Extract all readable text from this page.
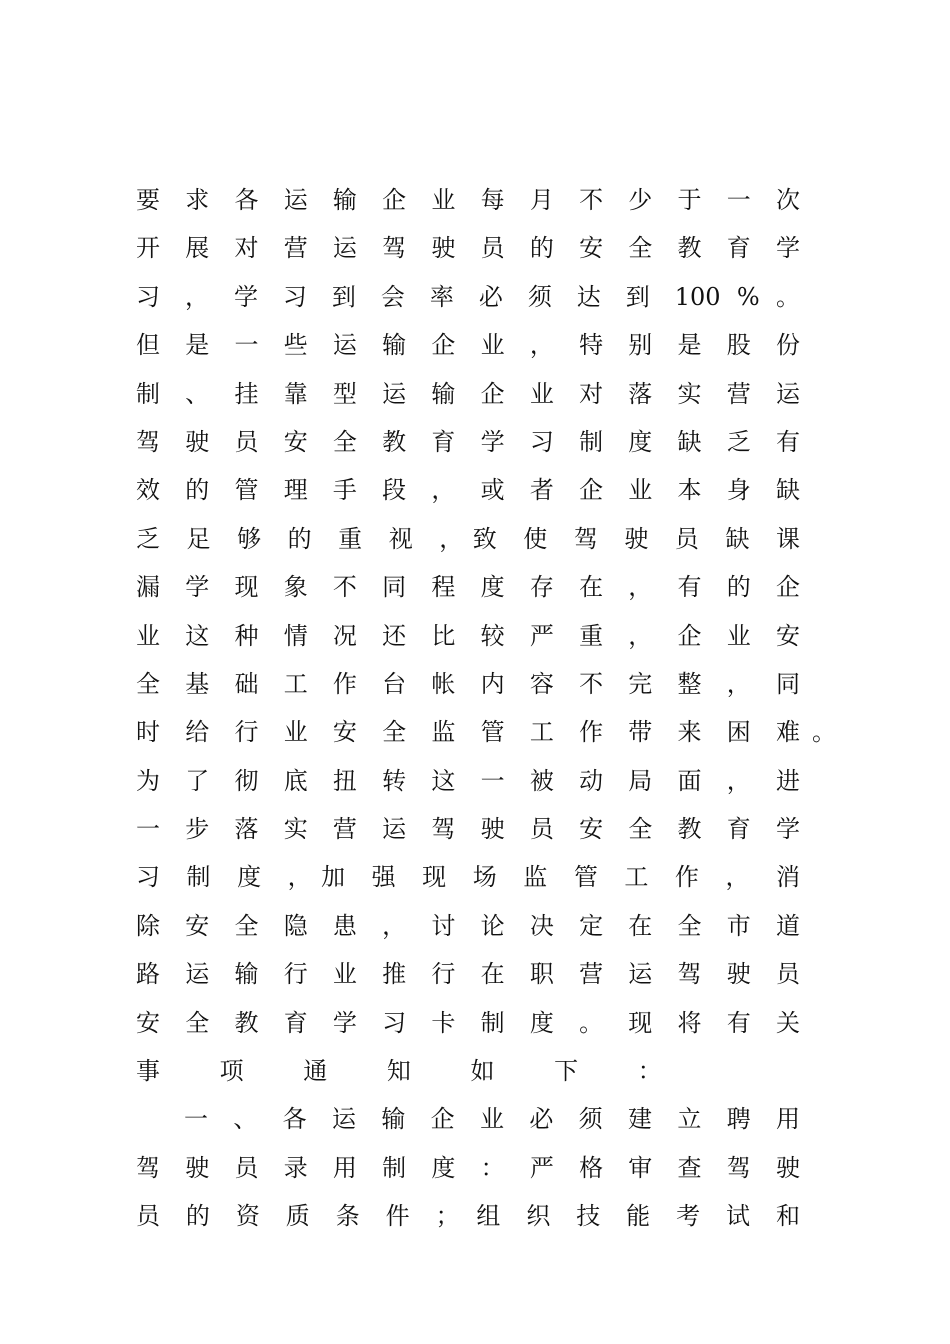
要 求 各 运 输 企 业 每 月 不 少 于 一 次
开 展 对 营 运 驾 驶 员 的 安 全 教 育 学
习 ， 学 习 到 会 率 必 须 达 到 100 % 。
但 是 一 些 运 输 企 业 ， 特 别 是 股 份
制 、 挂 靠 型 运 输 企 业 对 落 实 营 运
驾 驶 员 安 全 教 育 学 习 制 度 缺 乏 有
效 的 管 理 手 段 ， 或 者 企 业 本 身 缺
乏 足 够 的 重 视 ，致 使 驾 驶 员 缺 课
漏 学 现 象 不 同 程 度 存 在 ， 有 的 企
业 这 种 情 况 还 比 较 严 重 ， 企 业 安
全 基 础 工 作 台 帐 内 容 不 完 整 ， 同
时 给 行 业 安 全 监 管 工 作 带 来 困 难 。
为 了 彻 底 扭 转 这 一 被 动 局 面 ， 进
一 步 落 实 营 运 驾 驶 员 安 全 教 育 学
习 制 度 ，加 强 现 场 监 管 工 作 ， 消
除 安 全 隐 患 ， 讨 论 决 定 在 全 市 道
路 运 输 行 业 推 行 在 职 营 运 驾 驶 员
安 全 教 育 学 习 卡 制 度 。 现 将 有 关
事 项 通 知 如 下 ：
一 、 各 运 输 企 业 必 须 建 立 聘 用
驾 驶 员 录 用 制 度 ： 严 格 审 查 驾 驶
员 的 资 质 条 件 ； 组 织 技 能 考 试 和
